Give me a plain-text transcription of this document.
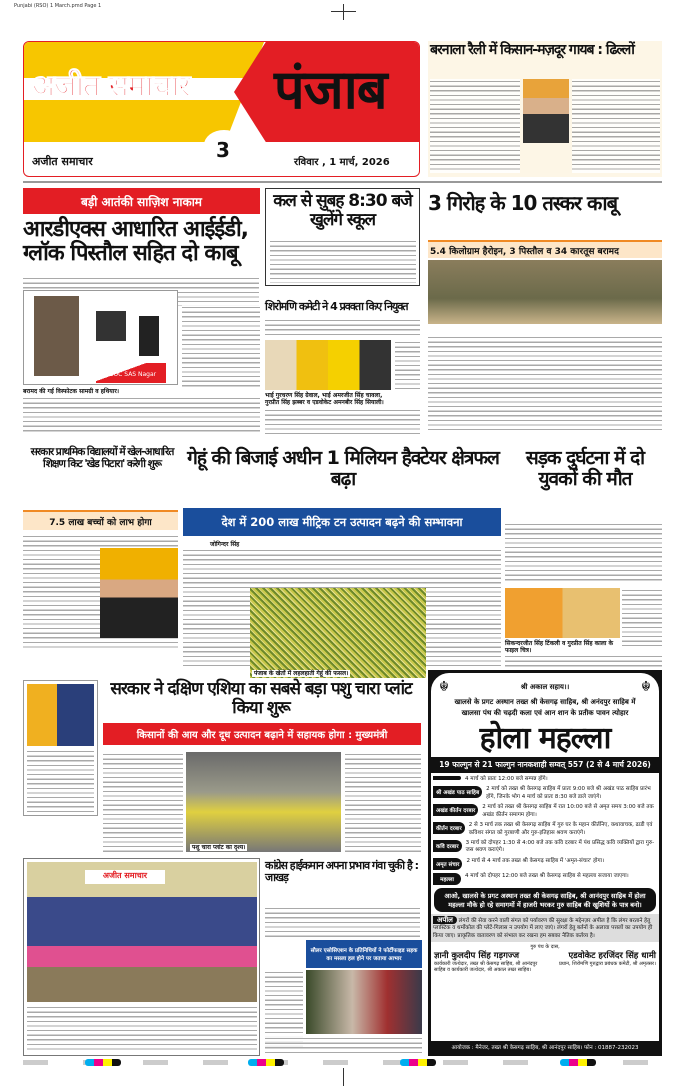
Punjabi (RSO) 1 March.pmd Page 1
अजीत समाचार पंजाब
अजीत समाचार	3
रविवार , 1 मार्च, 2026
बरनाला रैली में किसान-मज़दूर गायब : ढिल्लों
बड़ी आतंकी साज़िश नाकाम
आरडीएक्स आधारित आईईडी, ग्लॉक पिस्तौल सहित दो काबू
SSOC SAS Nagar
बरामद की गई विस्फोटक सामग्री व हथियार।
कल से सुबह 8:30 बजे खुलेंगे स्कूल
शिरोमणि कमेटी ने 4 प्रवक्ता किए नियुक्त
भाई गुरचरण सिंह ग्रेवाल, भाई अमरजीत सिंह चावला, गुरप्रीत सिंह झब्बर व एडवोकेट अमनबीर सिंह सियाली।
3 गिरोह के 10 तस्कर काबू
5.4 किलोग्राम हैरोइन, 3 पिस्तौल व 34 कारतूस बरामद
सरकार प्राथमिक विद्यालयों में खेल-आधारित शिक्षण किट 'खेड पिटारा' करेगी शुरू
7.5 लाख बच्चों को लाभ होगा
गेहूं की बिजाई अधीन 1 मिलियन हैक्टेयर क्षेत्रफल बढ़ा
देश में 200 लाख मीट्रिक टन उत्पादन बढ़ने की सम्भावना
जोगिन्दर सिंह
पंजाब के खेतों में लहलहाती गेहूं की फसल।
सड़क दुर्घटना में दो युवकों की मौत
सिकन्दरजीत सिंह टिंकली व गुरप्रीत सिंह काला के फाइल चित्र।
सरकार ने दक्षिण एशिया का सबसे बड़ा पशु चारा प्लांट किया शुरू
किसानों की आय और दूध उत्पादन बढ़ाने में सहायक होगा : मुख्यमंत्री
पशु चारा प्लांट का दृश्य।
अजीत समाचार
कांग्रेस हाईकमान अपना प्रभाव गंवा चुकी है : जाखड़
सौलर एसोसिएशन के प्रतिनिधियों ने फोर्टीफाइड सड़क का मसला हल होने पर जताया आभार
☬	☬
श्री अकाल सहाय।।
खालसे के प्रगट अस्थान तख्त श्री केसगढ़ साहिब, श्री अनंदपुर साहिब में
खालसा पंथ की चढ़दी कला एवं आन शान के प्रतीक पावन त्योहार
होला महल्ला
19 फाल्गुन से 21 फाल्गुन नानकशाही सम्वत् 557 (2 से 4 मार्च 2026)
4 मार्च को प्रातः 12:00 बजे सम्पन्न होंगे।
श्री अखंड पाठ साहिब
2 मार्च को तख्त श्री केसगढ़ साहिब में प्रातः 9:00 बजे श्री अखंड पाठ साहिब प्रारंभ होंगे, जिनके भोग 4 मार्च को प्रातः 8:30 बजे डाले जाएंगे।
अखंड कीर्तन दरबार
2 मार्च को तख्त श्री केसगढ़ साहिब में रात 10:00 बजे से अमृत समय 3:00 बजे तक अखंड कीर्तन समागम होगा।
कीर्तन दरबार
2 से 3 मार्च तक तख्त श्री केसगढ़ साहिब में गुरु घर के महान कीर्तनिए, कथावाचक, ढाडी एवं कविशर संगत को गुरबाणी और गुरु-इतिहास श्रवण कराएंगे।
कवि दरबार
3 मार्च को दोपहर 1:30 से 4:00 बजे तक कवि दरबार में पंथ प्रसिद्ध कवि व्यक्तियों द्वारा गुरु-जस श्रवण कराएंगे।
अमृत संचार
2 मार्च से 4 मार्च तक तख्त श्री केसगढ़ साहिब में 'अमृत-संचार' होगा।
महल्ला
4 मार्च को दोपहर 12:00 बजे तख्त श्री केसगढ़ साहिब से महल्ला सजाया जाएगा।
आओ, खालसे के प्रगट अस्थान तख्त श्री केसगढ़ साहिब, श्री आनंदपुर साहिब में होला महल्ला मौके हो रहे समागमों में हाजरी भरकर गुरु साहिब की खुशियों के पात्र बनो।
अपील लंगरों की सेवा करने वाली संगत को पर्यावरण की सुरक्षा के मद्देनज़र अपील है कि लंगर बरताने हेतु प्लास्टिक व थर्मोकोल की प्लेटें-गिलास न उपयोग में लाए जाएं। लंगरों हेतु बर्तनों के अलावा पत्तलों का उपयोग ही किया जाए। प्राकृतिक वातावरण को संभाल कर रखना हम सबका नैतिक कर्तव्य है।
गुरु पंथ के दास,
ज्ञानी कुलदीप सिंह गड़गज्ज
कार्यकारी जत्थेदार, तख्त श्री केसगढ़ साहिब, श्री आनंदपुर साहिब व कार्यकारी जत्थेदार, श्री अकाल तख्त साहिब।
एडवोकेट हरजिंदर सिंह धामी
प्रधान, शिरोमणि गुरुद्वारा प्रबंधक कमेटी, श्री अमृतसर।
आयोजक : मैनेजर, तख्त श्री केसगढ़ साहिब, श्री आनंदपुर साहिब। फोन : 01887-232023
